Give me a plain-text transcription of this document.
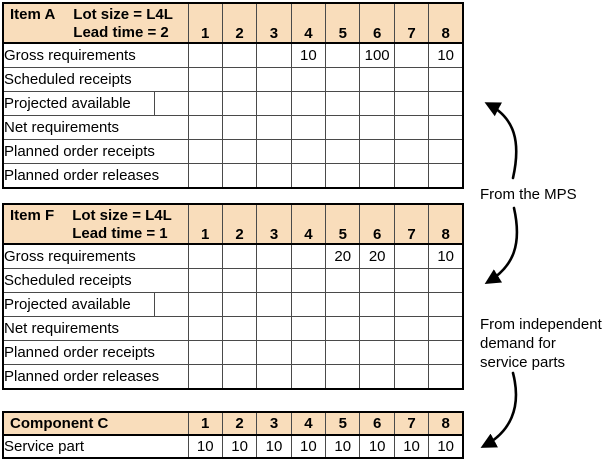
Item A Lot size = L4L
Lead time = 2		1	2	3	4	5	6	7	8
Gross requirements					10		100		10
Scheduled receipts									
Projected available									
Net requirements									
Planned order receipts									
Planned order releases									
Item F Lot size = L4L
Lead time = 1		1	2	3	4	5	6	7	8
Gross requirements						20	20		10
Scheduled receipts									
Projected available									
Net requirements									
Planned order receipts									
Planned order releases									
Component C	1	2	3	4	5	6	7	8
Service part	10	10	10	10	10	10	10	10
From the MPS
From independent
demand for
service parts
